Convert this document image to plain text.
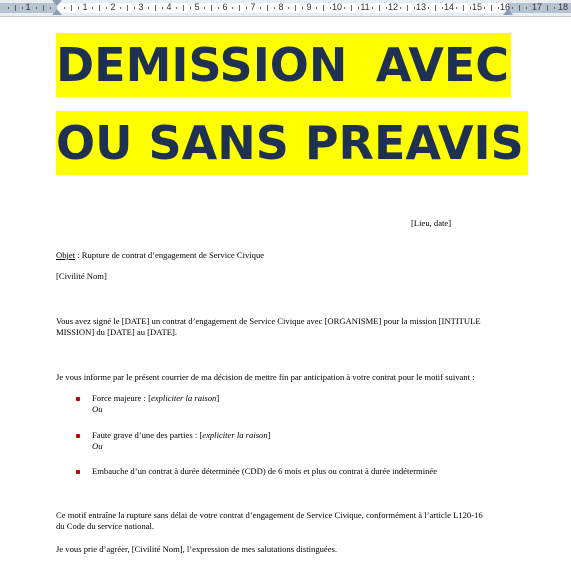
1	1	2	3	4	5	6	7	8	9	10 11 12 13 14 15 16 17 18
DEMISSION AVEC
OU SANS PREAVIS
[Lieu, date]
Objet : Rupture de contrat d’engagement de Service Civique
[Civilité Nom]
Vous avez signé le [DATE] un contrat d’engagement de Service Civique avec [ORGANISME] pour la mission [INTITULE
MISSION] du [DATE] au [DATE].
Je vous informe par le présent courrier de ma décision de mettre fin par anticipation à votre contrat pour le motif suivant :
Force majeure : [expliciter la raison]
Ou
Faute grave d’une des parties : [expliciter la raison]
Ou
Embauche d’un contrat à durée déterminée (CDD) de 6 mois et plus ou contrat à durée indéterminée
Ce motif entraîne la rupture sans délai de votre contrat d’engagement de Service Civique, conformément à l’article L120-16
du Code du service national.
Je vous prie d’agréer, [Civilité Nom], l’expression de mes salutations distinguées.
